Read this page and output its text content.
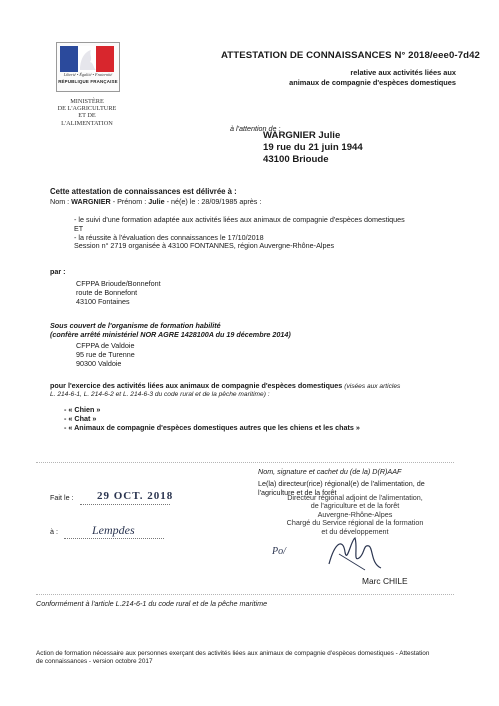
Liberté • Égalité • Fraternité
RÉPUBLIQUE FRANÇAISE
MINISTÈRE
DE L'AGRICULTURE
ET DE
L'ALIMENTATION
ATTESTATION DE CONNAISSANCES N° 2018/eee0-7d42
relative aux activités liées aux
animaux de compagnie d'espèces domestiques
à l'attention de :
WARGNIER Julie
19 rue du 21 juin 1944
43100 Brioude
Cette attestation de connaissances est délivrée à :
Nom : WARGNIER - Prénom : Julie - né(e) le : 28/09/1985 après :
- le suivi d'une formation adaptée aux activités liées aux animaux de compagnie d'espèces domestiques
ET
- la réussite à l'évaluation des connaissances le 17/10/2018
Session n° 2719 organisée à 43100 FONTANNES, région Auvergne-Rhône-Alpes
par :
CFPPA Brioude/Bonnefont
route de Bonnefont
43100 Fontaines
Sous couvert de l'organisme de formation habilité
(confère arrêté ministériel NOR AGRE 1428100A du 19 décembre 2014)
CFPPA de Valdoie
95 rue de Turenne
90300 Valdoie
pour l'exercice des activités liées aux animaux de compagnie d'espèces domestiques (visées aux articles
L. 214-6-1, L. 214-6-2 et L. 214-6-3 du code rural et de la pêche maritime) :
- « Chien »
- « Chat »
- « Animaux de compagnie d'espèces domestiques autres que les chiens et les chats »
Nom, signature et cachet du (de la) D(R)AAF
Fait le : 29 OCT. 2018
à :	Lempdes
Le(la) directeur(rice) régional(e) de l'alimentation, de l'agriculture et de la forêt
Directeur régional adjoint de l'alimentation,
de l'agriculture et de la forêt
Auvergne-Rhône-Alpes
Chargé du Service régional de la formation
et du développement
Po/
Marc CHILE
Conformément à l'article L.214-6-1 du code rural et de la pêche maritime
Action de formation nécessaire aux personnes exerçant des activités liées aux animaux de compagnie d'espèces domestiques - Attestation de connaissances - version octobre 2017
